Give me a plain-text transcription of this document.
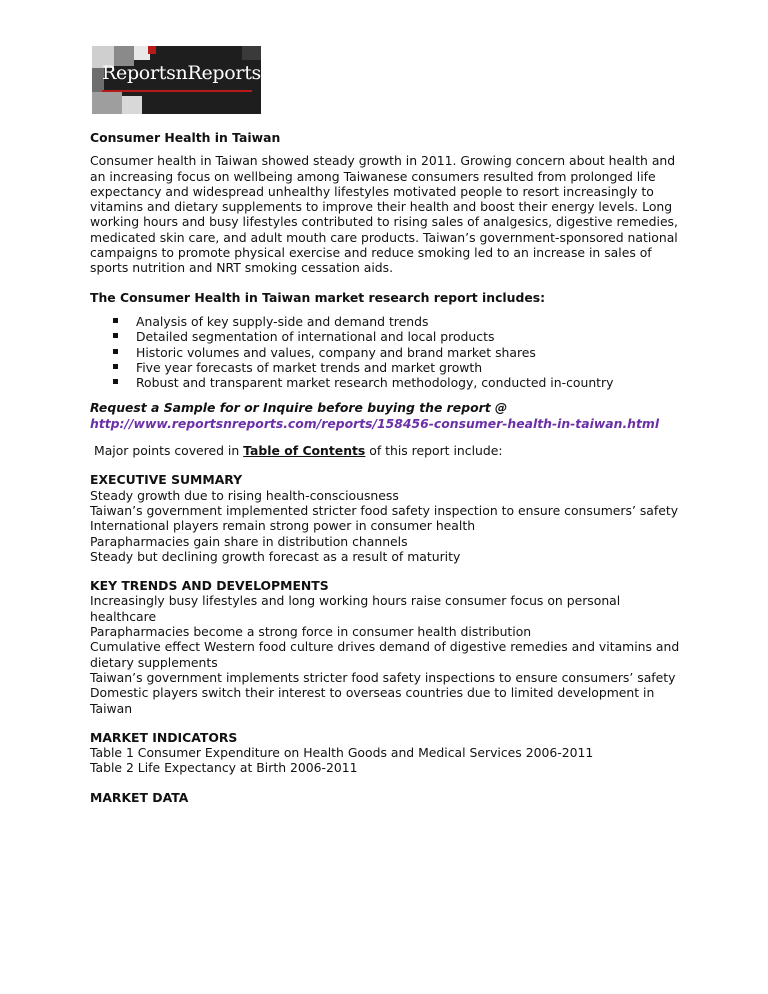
ReportsnReports

Consumer Health in Taiwan

Consumer health in Taiwan showed steady growth in 2011. Growing concern about health and an increasing focus on wellbeing among Taiwanese consumers resulted from prolonged life expectancy and widespread unhealthy lifestyles motivated people to resort increasingly to vitamins and dietary supplements to improve their health and boost their energy levels. Long working hours and busy lifestyles contributed to rising sales of analgesics, digestive remedies, medicated skin care, and adult mouth care products. Taiwan’s government-sponsored national campaigns to promote physical exercise and reduce smoking led to an increase in sales of sports nutrition and NRT smoking cessation aids.

The Consumer Health in Taiwan market research report includes:

Analysis of key supply-side and demand trends
Detailed segmentation of international and local products
Historic volumes and values, company and brand market shares
Five year forecasts of market trends and market growth
Robust and transparent market research methodology, conducted in-country
Request a Sample for or Inquire before buying the report @
http://www.reportsnreports.com/reports/158456-consumer-health-in-taiwan.html

Major points covered in Table of Contents of this report include:

EXECUTIVE SUMMARY
Steady growth due to rising health-consciousness
Taiwan’s government implemented stricter food safety inspection to ensure consumers’ safety
International players remain strong power in consumer health
Parapharmacies gain share in distribution channels
Steady but declining growth forecast as a result of maturity
KEY TRENDS AND DEVELOPMENTS
Increasingly busy lifestyles and long working hours raise consumer focus on personal healthcare
Parapharmacies become a strong force in consumer health distribution
Cumulative effect Western food culture drives demand of digestive remedies and vitamins and dietary supplements
Taiwan’s government implements stricter food safety inspections to ensure consumers’ safety
Domestic players switch their interest to overseas countries due to limited development in Taiwan
MARKET INDICATORS
Table 1 Consumer Expenditure on Health Goods and Medical Services 2006-2011
Table 2 Life Expectancy at Birth 2006-2011
MARKET DATA
